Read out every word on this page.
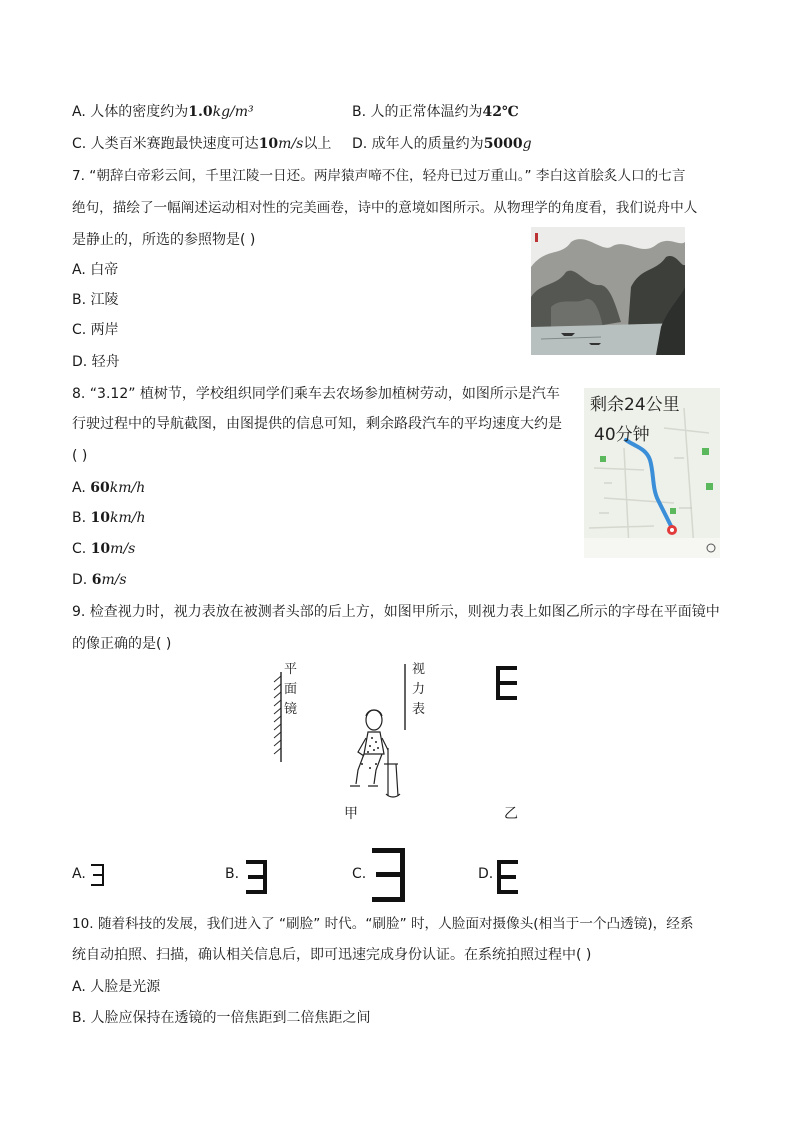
A. 人体的密度约为1.0kg/m³	B. 人的正常体温约为42℃
C. 人类百米赛跑最快速度可达10m/s以上 D. 成年人的质量约为5000g
7. “朝辞白帝彩云间，千里江陵一日还。两岸猿声啼不住，轻舟已过万重山。” 李白这首脍炙人口的七言
绝句，描绘了一幅阐述运动相对性的完美画卷，诗中的意境如图所示。从物理学的角度看，我们说舟中人
是静止的，所选的参照物是( )
A. 白帝
B. 江陵
C. 两岸
D. 轻舟
8. “3.12” 植树节，学校组织同学们乘车去农场参加植树劳动，如图所示是汽车
行驶过程中的导航截图，由图提供的信息可知，剩余路段汽车的平均速度大约是
( )
A. 60km/h
B. 10km/h
C. 10m/s
D. 6m/s
剩余24公里
40分钟
9. 检查视力时，视力表放在被测者头部的后上方，如图甲所示，则视力表上如图乙所示的字母在平面镜中
的像正确的是( )
平
面
镜
视
力
表
甲	乙
A.	B.	C.	D.
10. 随着科技的发展，我们进入了 “刷脸” 时代。“刷脸” 时，人脸面对摄像头(相当于一个凸透镜)，经系
统自动拍照、扫描，确认相关信息后，即可迅速完成身份认证。在系统拍照过程中( )
A. 人脸是光源
B. 人脸应保持在透镜的一倍焦距到二倍焦距之间
